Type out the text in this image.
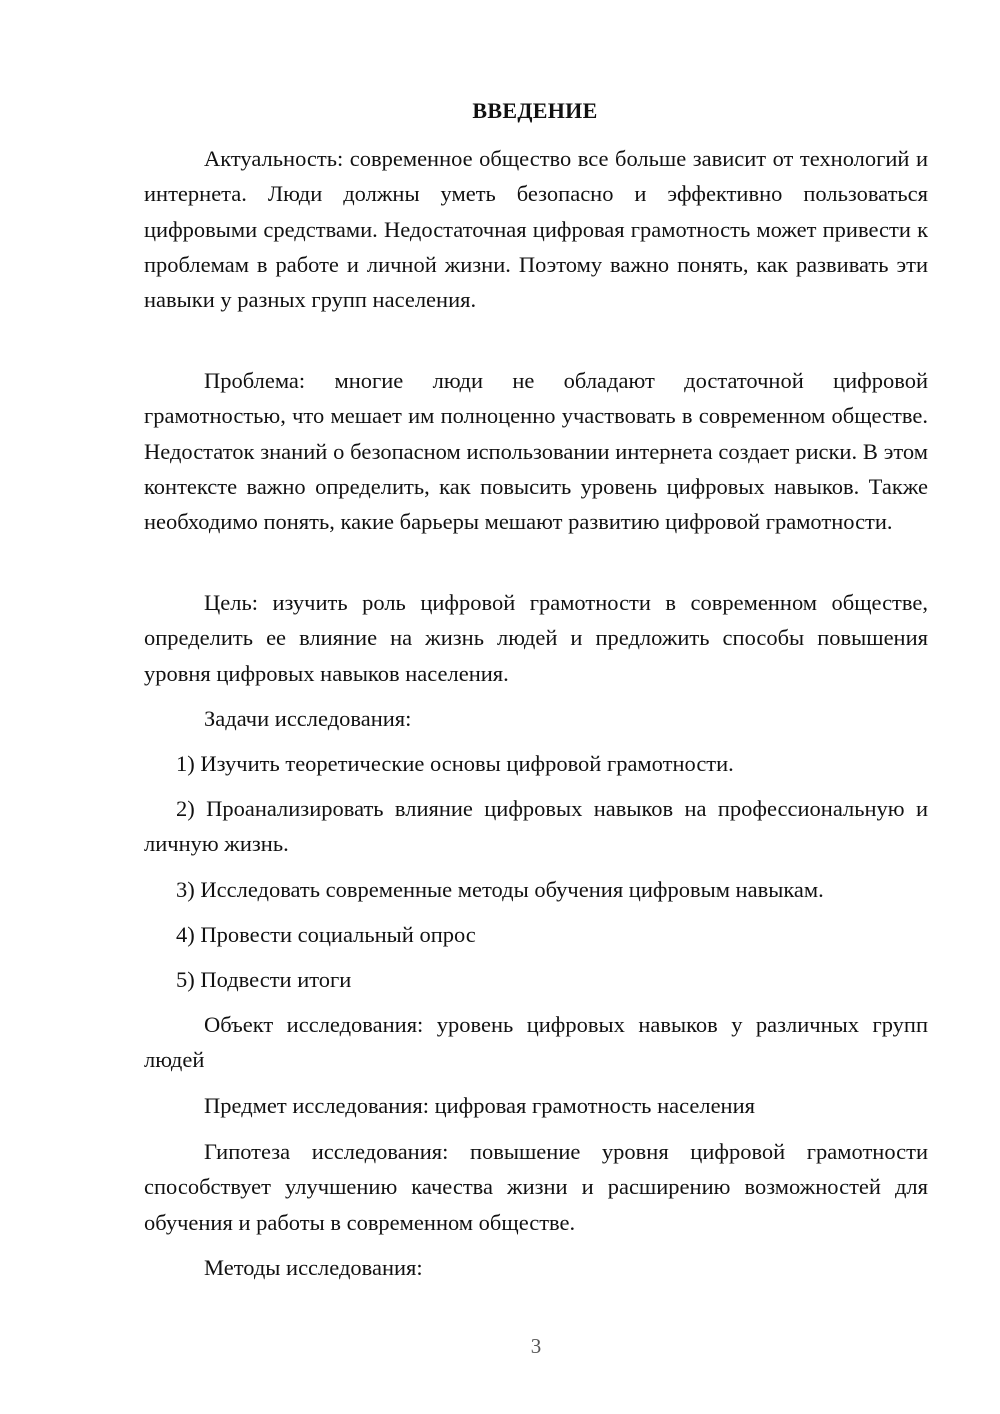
ВВЕДЕНИЕ

Актуальность: современное общество все больше зависит от технологий и интернета. Люди должны уметь безопасно и эффективно пользоваться цифровыми средствами. Недостаточная цифровая грамотность может привести к проблемам в работе и личной жизни. Поэтому важно понять, как развивать эти навыки у разных групп населения.

Проблема: многие люди не обладают достаточной цифровой грамотностью, что мешает им полноценно участвовать в современном обществе. Недостаток знаний о безопасном использовании интернета создает риски. В этом контексте важно определить, как повысить уровень цифровых навыков. Также необходимо понять, какие барьеры мешают развитию цифровой грамотности.

Цель: изучить роль цифровой грамотности в современном обществе, определить ее влияние на жизнь людей и предложить способы повышения уровня цифровых навыков населения.

Задачи исследования:

1) Изучить теоретические основы цифровой грамотности.

2) Проанализировать влияние цифровых навыков на профессиональную и личную жизнь.

3) Исследовать современные методы обучения цифровым навыкам.

4) Провести социальный опрос

5) Подвести итоги

Объект исследования: уровень цифровых навыков у различных групп людей

Предмет исследования: цифровая грамотность населения

Гипотеза исследования: повышение уровня цифровой грамотности способствует улучшению качества жизни и расширению возможностей для обучения и работы в современном обществе.

Методы исследования:

3
